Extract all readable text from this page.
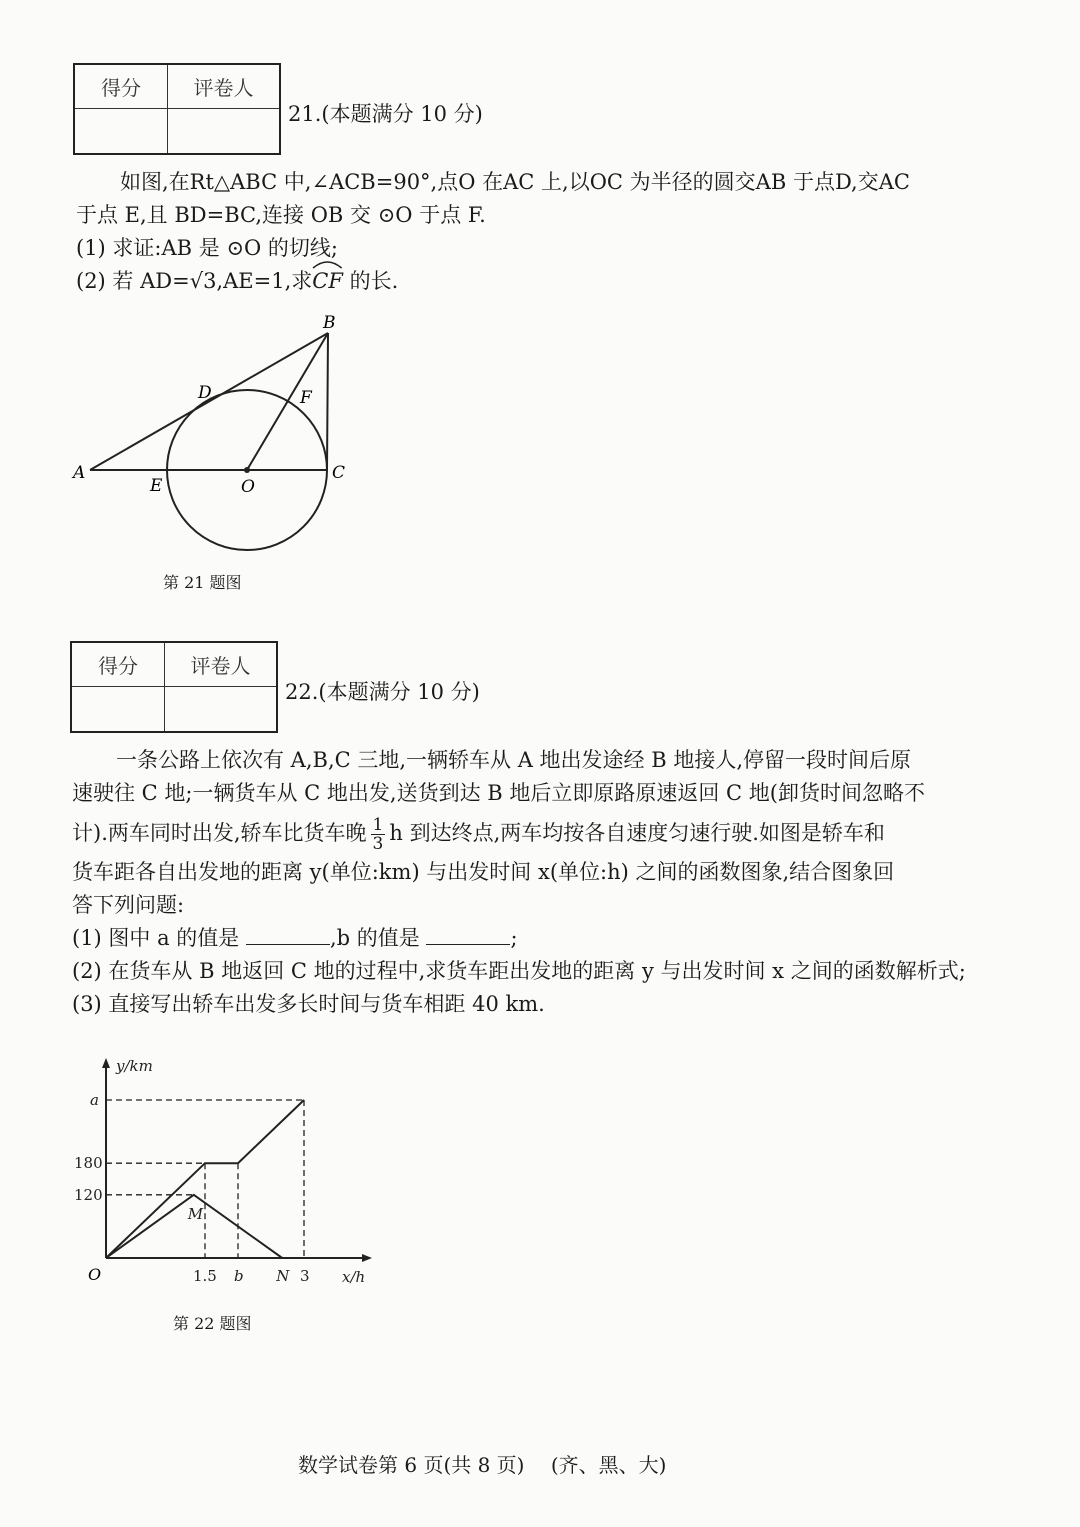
得分	评卷人

21.(本题满分 10 分)
如图,在Rt△ABC 中,∠ACB=90°,点O 在AC 上,以OC 为半径的圆交AB 于点D,交AC
于点 E,且 BD=BC,连接 OB 交 ⊙O 于点 F.
(1) 求证:AB 是 ⊙O 的切线;
(2) 若 AD=√3,AE=1,求
CF 的长.
A
B
C
D
E
F
O
第 21 题图
得分	评卷人

22.(本题满分 10 分)
一条公路上依次有 A,B,C 三地,一辆轿车从 A 地出发途经 B 地接人,停留一段时间后原
速驶往 C 地;一辆货车从 C 地出发,送货到达 B 地后立即原路原速返回 C 地(卸货时间忽略不
计).两车同时出发,轿车比货车晚 $\frac{1}{3}$ h 到达终点,两车均按各自速度匀速行驶.如图是轿车和
货车距各自出发地的距离 y(单位:km) 与出发时间 x(单位:h) 之间的函数图象,结合图象回
答下列问题:
(1) 图中 a 的值是	,b 的值是	;
(2) 在货车从 B 地返回 C 地的过程中,求货车距出发地的距离 y 与出发时间 x 之间的函数解析式;
(3) 直接写出轿车出发多长时间与货车相距 40 km.
y/km
x/h
O
120
180
a
1.5 b N 3
M
第 22 题图
数学试卷第 6 页(共 8 页) (齐、黑、大)
